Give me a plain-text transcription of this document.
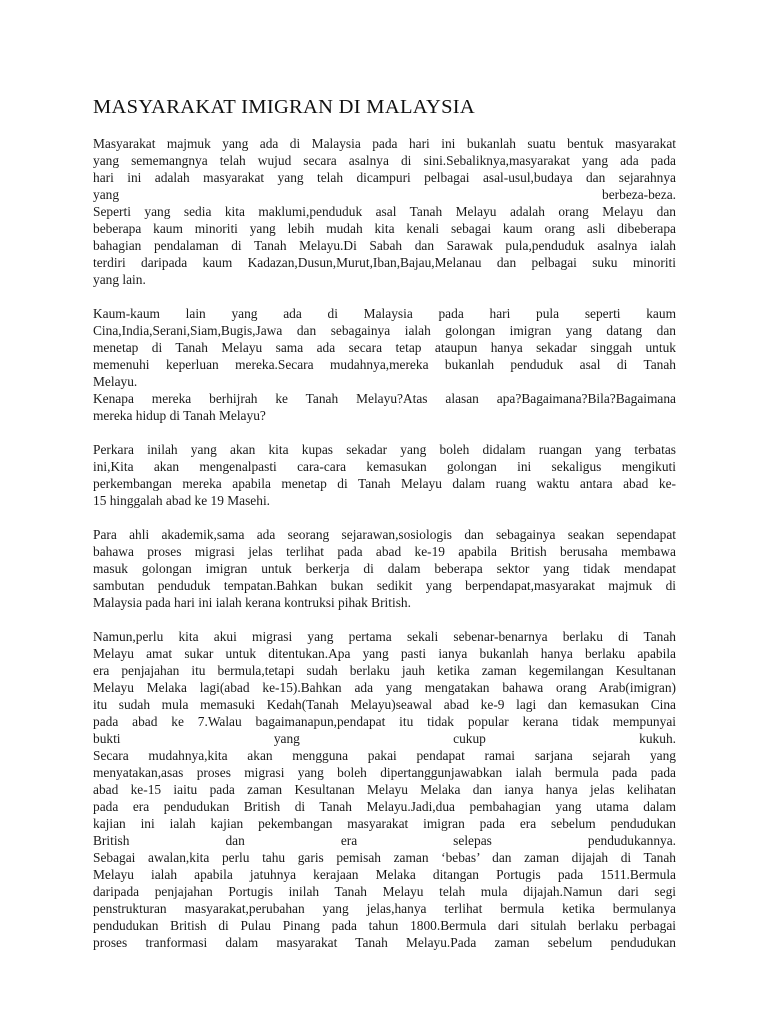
MASYARAKAT IMIGRAN DI MALAYSIA
Masyarakat majmuk yang ada di Malaysia pada hari ini bukanlah suatu bentuk masyarakat
yang sememangnya telah wujud secara asalnya di sini.Sebaliknya,masyarakat yang ada pada
hari ini adalah masyarakat yang telah dicampuri pelbagai asal-usul,budaya dan sejarahnya
yang berbeza-beza.
Seperti yang sedia kita maklumi,penduduk asal Tanah Melayu adalah orang Melayu dan
beberapa kaum minoriti yang lebih mudah kita kenali sebagai kaum orang asli dibeberapa
bahagian pendalaman di Tanah Melayu.Di Sabah dan Sarawak pula,penduduk asalnya ialah
terdiri daripada kaum Kadazan,Dusun,Murut,Iban,Bajau,Melanau dan pelbagai suku minoriti
yang lain.
Kaum-kaum lain yang ada di Malaysia pada hari pula seperti kaum
Cina,India,Serani,Siam,Bugis,Jawa dan sebagainya ialah golongan imigran yang datang dan
menetap di Tanah Melayu sama ada secara tetap ataupun hanya sekadar singgah untuk
memenuhi keperluan mereka.Secara mudahnya,mereka bukanlah penduduk asal di Tanah
Melayu.
Kenapa mereka berhijrah ke Tanah Melayu?Atas alasan apa?Bagaimana?Bila?Bagaimana
mereka hidup di Tanah Melayu?
Perkara inilah yang akan kita kupas sekadar yang boleh didalam ruangan yang terbatas
ini,Kita akan mengenalpasti cara-cara kemasukan golongan ini sekaligus mengikuti
perkembangan mereka apabila menetap di Tanah Melayu dalam ruang waktu antara abad ke-
15 hinggalah abad ke 19 Masehi.
Para ahli akademik,sama ada seorang sejarawan,sosiologis dan sebagainya seakan sependapat
bahawa proses migrasi jelas terlihat pada abad ke-19 apabila British berusaha membawa
masuk golongan imigran untuk berkerja di dalam beberapa sektor yang tidak mendapat
sambutan penduduk tempatan.Bahkan bukan sedikit yang berpendapat,masyarakat majmuk di
Malaysia pada hari ini ialah kerana kontruksi pihak British.
Namun,perlu kita akui migrasi yang pertama sekali sebenar-benarnya berlaku di Tanah
Melayu amat sukar untuk ditentukan.Apa yang pasti ianya bukanlah hanya berlaku apabila
era penjajahan itu bermula,tetapi sudah berlaku jauh ketika zaman kegemilangan Kesultanan
Melayu Melaka lagi(abad ke-15).Bahkan ada yang mengatakan bahawa orang Arab(imigran)
itu sudah mula memasuki Kedah(Tanah Melayu)seawal abad ke-9 lagi dan kemasukan Cina
pada abad ke 7.Walau bagaimanapun,pendapat itu tidak popular kerana tidak mempunyai
bukti yang cukup kukuh.
Secara mudahnya,kita akan mengguna pakai pendapat ramai sarjana sejarah yang
menyatakan,asas proses migrasi yang boleh dipertanggunjawabkan ialah bermula pada pada
abad ke-15 iaitu pada zaman Kesultanan Melayu Melaka dan ianya hanya jelas kelihatan
pada era pendudukan British di Tanah Melayu.Jadi,dua pembahagian yang utama dalam
kajian ini ialah kajian pekembangan masyarakat imigran pada era sebelum pendudukan
British dan era selepas pendudukannya.
Sebagai awalan,kita perlu tahu garis pemisah zaman ‘bebas’ dan zaman dijajah di Tanah
Melayu ialah apabila jatuhnya kerajaan Melaka ditangan Portugis pada 1511.Bermula
daripada penjajahan Portugis inilah Tanah Melayu telah mula dijajah.Namun dari segi
penstrukturan masyarakat,perubahan yang jelas,hanya terlihat bermula ketika bermulanya
pendudukan British di Pulau Pinang pada tahun 1800.Bermula dari situlah berlaku perbagai
proses tranformasi dalam masyarakat Tanah Melayu.Pada zaman sebelum pendudukan
